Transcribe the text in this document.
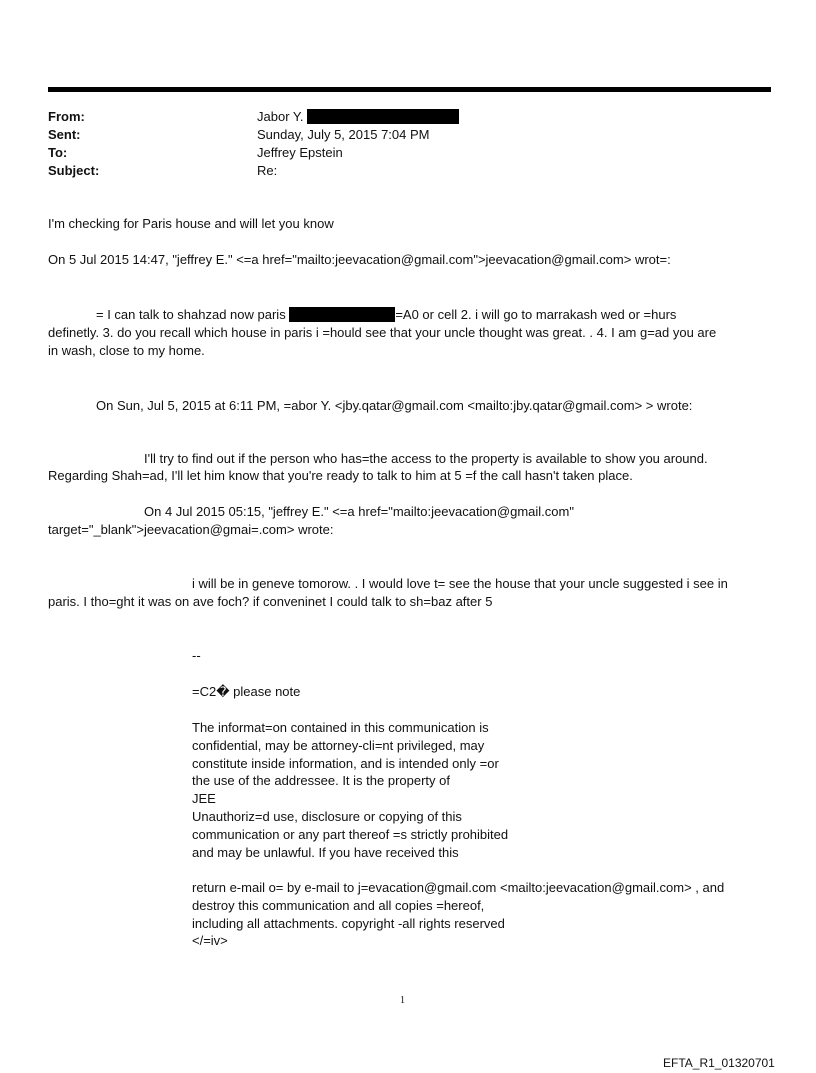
From:	Jabor Y.
Sent:	Sunday, July 5, 2015 7:04 PM
To:	Jeffrey Epstein
Subject:	Re:
I'm checking for Paris house and will let you know
On 5 Jul 2015 14:47, "jeffrey E." <=a href="mailto:jeevacation@gmail.com">jeevacation@gmail.com> wrot=:
= I can talk to shahzad now paris	=A0 or cell 2. i will go to marrakash wed or =hurs
definetly. 3. do you recall which house in paris i =hould see that your uncle thought was great. . 4. I am g=ad you are
in wash, close to my home.
On Sun, Jul 5, 2015 at 6:11 PM, =abor Y. <jby.qatar@gmail.com <mailto:jby.qatar@gmail.com> > wrote:
I'll try to find out if the person who has=the access to the property is available to show you around.
Regarding Shah=ad, I'll let him know that you're ready to talk to him at 5 =f the call hasn't taken place.
On 4 Jul 2015 05:15, "jeffrey E." <=a href="mailto:jeevacation@gmail.com"
target="_blank">jeevacation@gmai=.com> wrote:
i will be in geneve tomorow. . I would love t= see the house that your uncle suggested i see in
paris. I tho=ght it was on ave foch? if conveninet I could talk to sh=baz after 5
--
=C2� please note
The informat=on contained in this communication is
confidential, may be attorney-cli=nt privileged, may
constitute inside information, and is intended only =or
the use of the addressee. It is the property of
JEE
Unauthoriz=d use, disclosure or copying of this
communication or any part thereof =s strictly prohibited
and may be unlawful. If you have received this
return e-mail o= by e-mail to j=evacation@gmail.com <mailto:jeevacation@gmail.com> , and
destroy this communication and all copies =hereof,
including all attachments. copyright -all rights reserved
</=iv>
1
EFTA_R1_01320701
